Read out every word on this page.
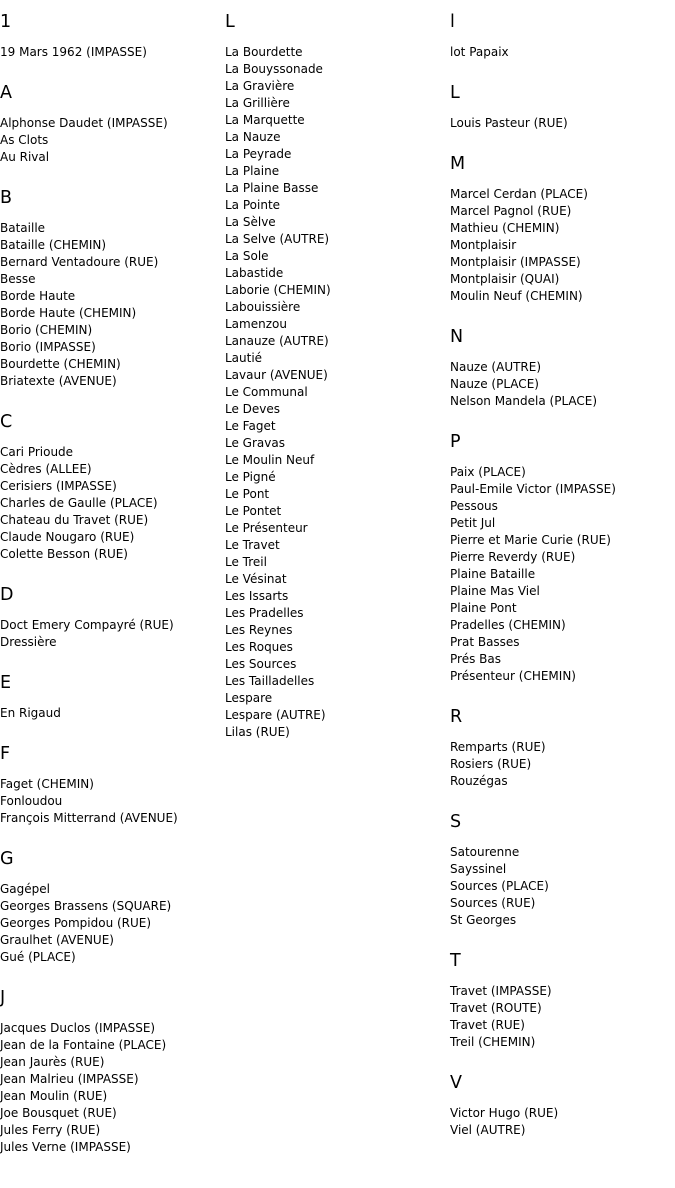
1
19 Mars 1962 (IMPASSE)
A
Alphonse Daudet (IMPASSE)
As Clots
Au Rival
B
Bataille
Bataille (CHEMIN)
Bernard Ventadoure (RUE)
Besse
Borde Haute
Borde Haute (CHEMIN)
Borio (CHEMIN)
Borio (IMPASSE)
Bourdette (CHEMIN)
Briatexte (AVENUE)
C
Cari Prioude
Cèdres (ALLEE)
Cerisiers (IMPASSE)
Charles de Gaulle (PLACE)
Chateau du Travet (RUE)
Claude Nougaro (RUE)
Colette Besson (RUE)
D
Doct Emery Compayré (RUE)
Dressière
E
En Rigaud
F
Faget (CHEMIN)
Fonloudou
François Mitterrand (AVENUE)
G
Gagépel
Georges Brassens (SQUARE)
Georges Pompidou (RUE)
Graulhet (AVENUE)
Gué (PLACE)
J
Jacques Duclos (IMPASSE)
Jean de la Fontaine (PLACE)
Jean Jaurès (RUE)
Jean Malrieu (IMPASSE)
Jean Moulin (RUE)
Joe Bousquet (RUE)
Jules Ferry (RUE)
Jules Verne (IMPASSE)
L
La Bourdette
La Bouyssonade
La Gravière
La Grillière
La Marquette
La Nauze
La Peyrade
La Plaine
La Plaine Basse
La Pointe
La Sèlve
La Selve (AUTRE)
La Sole
Labastide
Laborie (CHEMIN)
Labouissière
Lamenzou
Lanauze (AUTRE)
Lautié
Lavaur (AVENUE)
Le Communal
Le Deves
Le Faget
Le Gravas
Le Moulin Neuf
Le Pigné
Le Pont
Le Pontet
Le Présenteur
Le Travet
Le Treil
Le Vésinat
Les Issarts
Les Pradelles
Les Reynes
Les Roques
Les Sources
Les Tailladelles
Lespare
Lespare (AUTRE)
Lilas (RUE)
l
lot Papaix
L
Louis Pasteur (RUE)
M
Marcel Cerdan (PLACE)
Marcel Pagnol (RUE)
Mathieu (CHEMIN)
Montplaisir
Montplaisir (IMPASSE)
Montplaisir (QUAI)
Moulin Neuf (CHEMIN)
N
Nauze (AUTRE)
Nauze (PLACE)
Nelson Mandela (PLACE)
P
Paix (PLACE)
Paul-Emile Victor (IMPASSE)
Pessous
Petit Jul
Pierre et Marie Curie (RUE)
Pierre Reverdy (RUE)
Plaine Bataille
Plaine Mas Viel
Plaine Pont
Pradelles (CHEMIN)
Prat Basses
Prés Bas
Présenteur (CHEMIN)
R
Remparts (RUE)
Rosiers (RUE)
Rouzégas
S
Satourenne
Sayssinel
Sources (PLACE)
Sources (RUE)
St Georges
T
Travet (IMPASSE)
Travet (ROUTE)
Travet (RUE)
Treil (CHEMIN)
V
Victor Hugo (RUE)
Viel (AUTRE)
